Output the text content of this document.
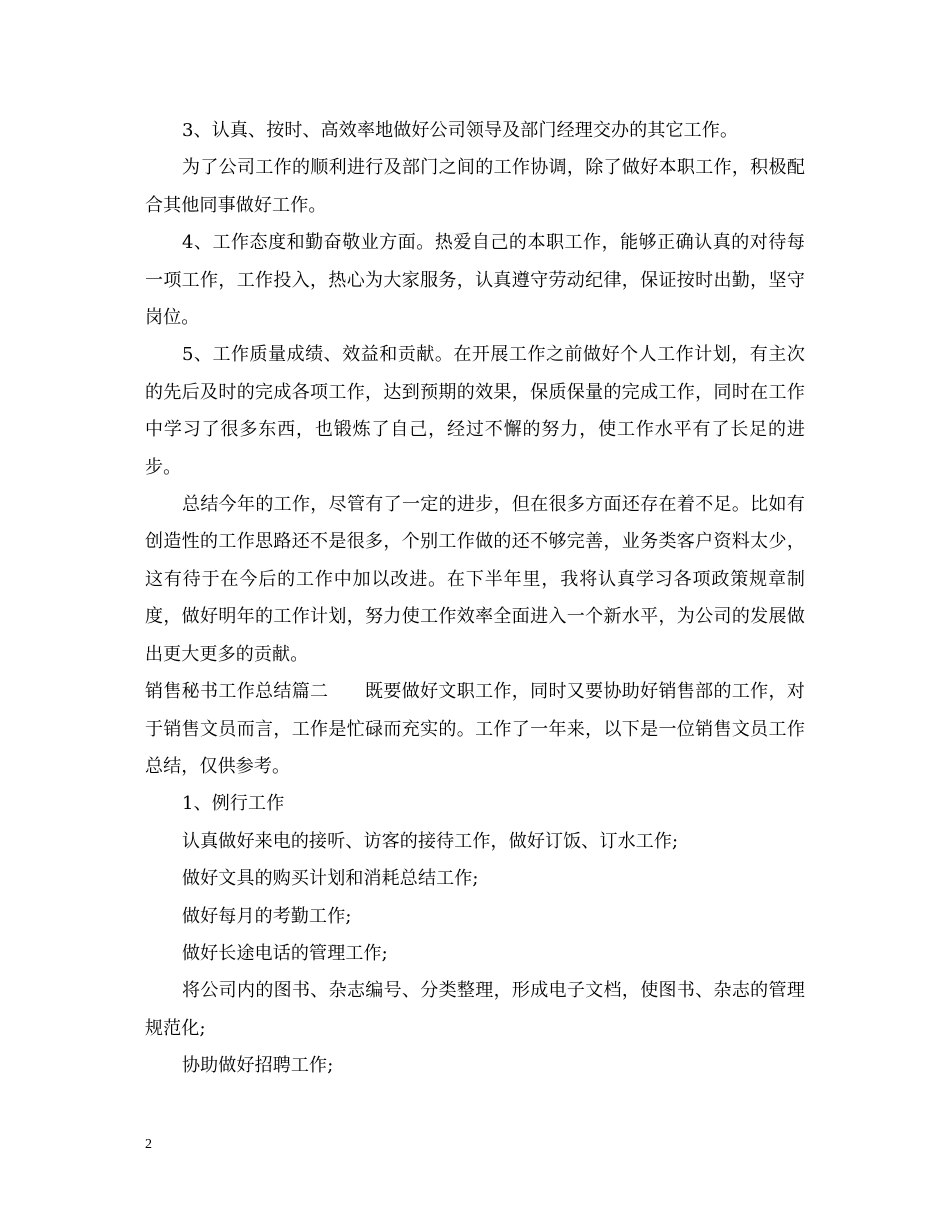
3、认真、按时、高效率地做好公司领导及部门经理交办的其它工作。

为了公司工作的顺利进行及部门之间的工作协调，除了做好本职工作，积极配合其他同事做好工作。

4、工作态度和勤奋敬业方面。热爱自己的本职工作，能够正确认真的对待每一项工作，工作投入，热心为大家服务，认真遵守劳动纪律，保证按时出勤，坚守岗位。

5、工作质量成绩、效益和贡献。在开展工作之前做好个人工作计划，有主次的先后及时的完成各项工作，达到预期的效果，保质保量的完成工作，同时在工作中学习了很多东西，也锻炼了自己，经过不懈的努力，使工作水平有了长足的进步。

总结今年的工作，尽管有了一定的进步，但在很多方面还存在着不足。比如有创造性的工作思路还不是很多，个别工作做的还不够完善，业务类客户资料太少，这有待于在今后的工作中加以改进。在下半年里，我将认真学习各项政策规章制度，做好明年的工作计划，努力使工作效率全面进入一个新水平，为公司的发展做出更大更多的贡献。

销售秘书工作总结篇二　　既要做好文职工作，同时又要协助好销售部的工作，对于销售文员而言，工作是忙碌而充实的。工作了一年来，以下是一位销售文员工作总结，仅供参考。

1、例行工作

认真做好来电的接听、访客的接待工作，做好订饭、订水工作;

做好文具的购买计划和消耗总结工作;

做好每月的考勤工作;

做好长途电话的管理工作;

将公司内的图书、杂志编号、分类整理，形成电子文档，使图书、杂志的管理规范化;

协助做好招聘工作;

2
